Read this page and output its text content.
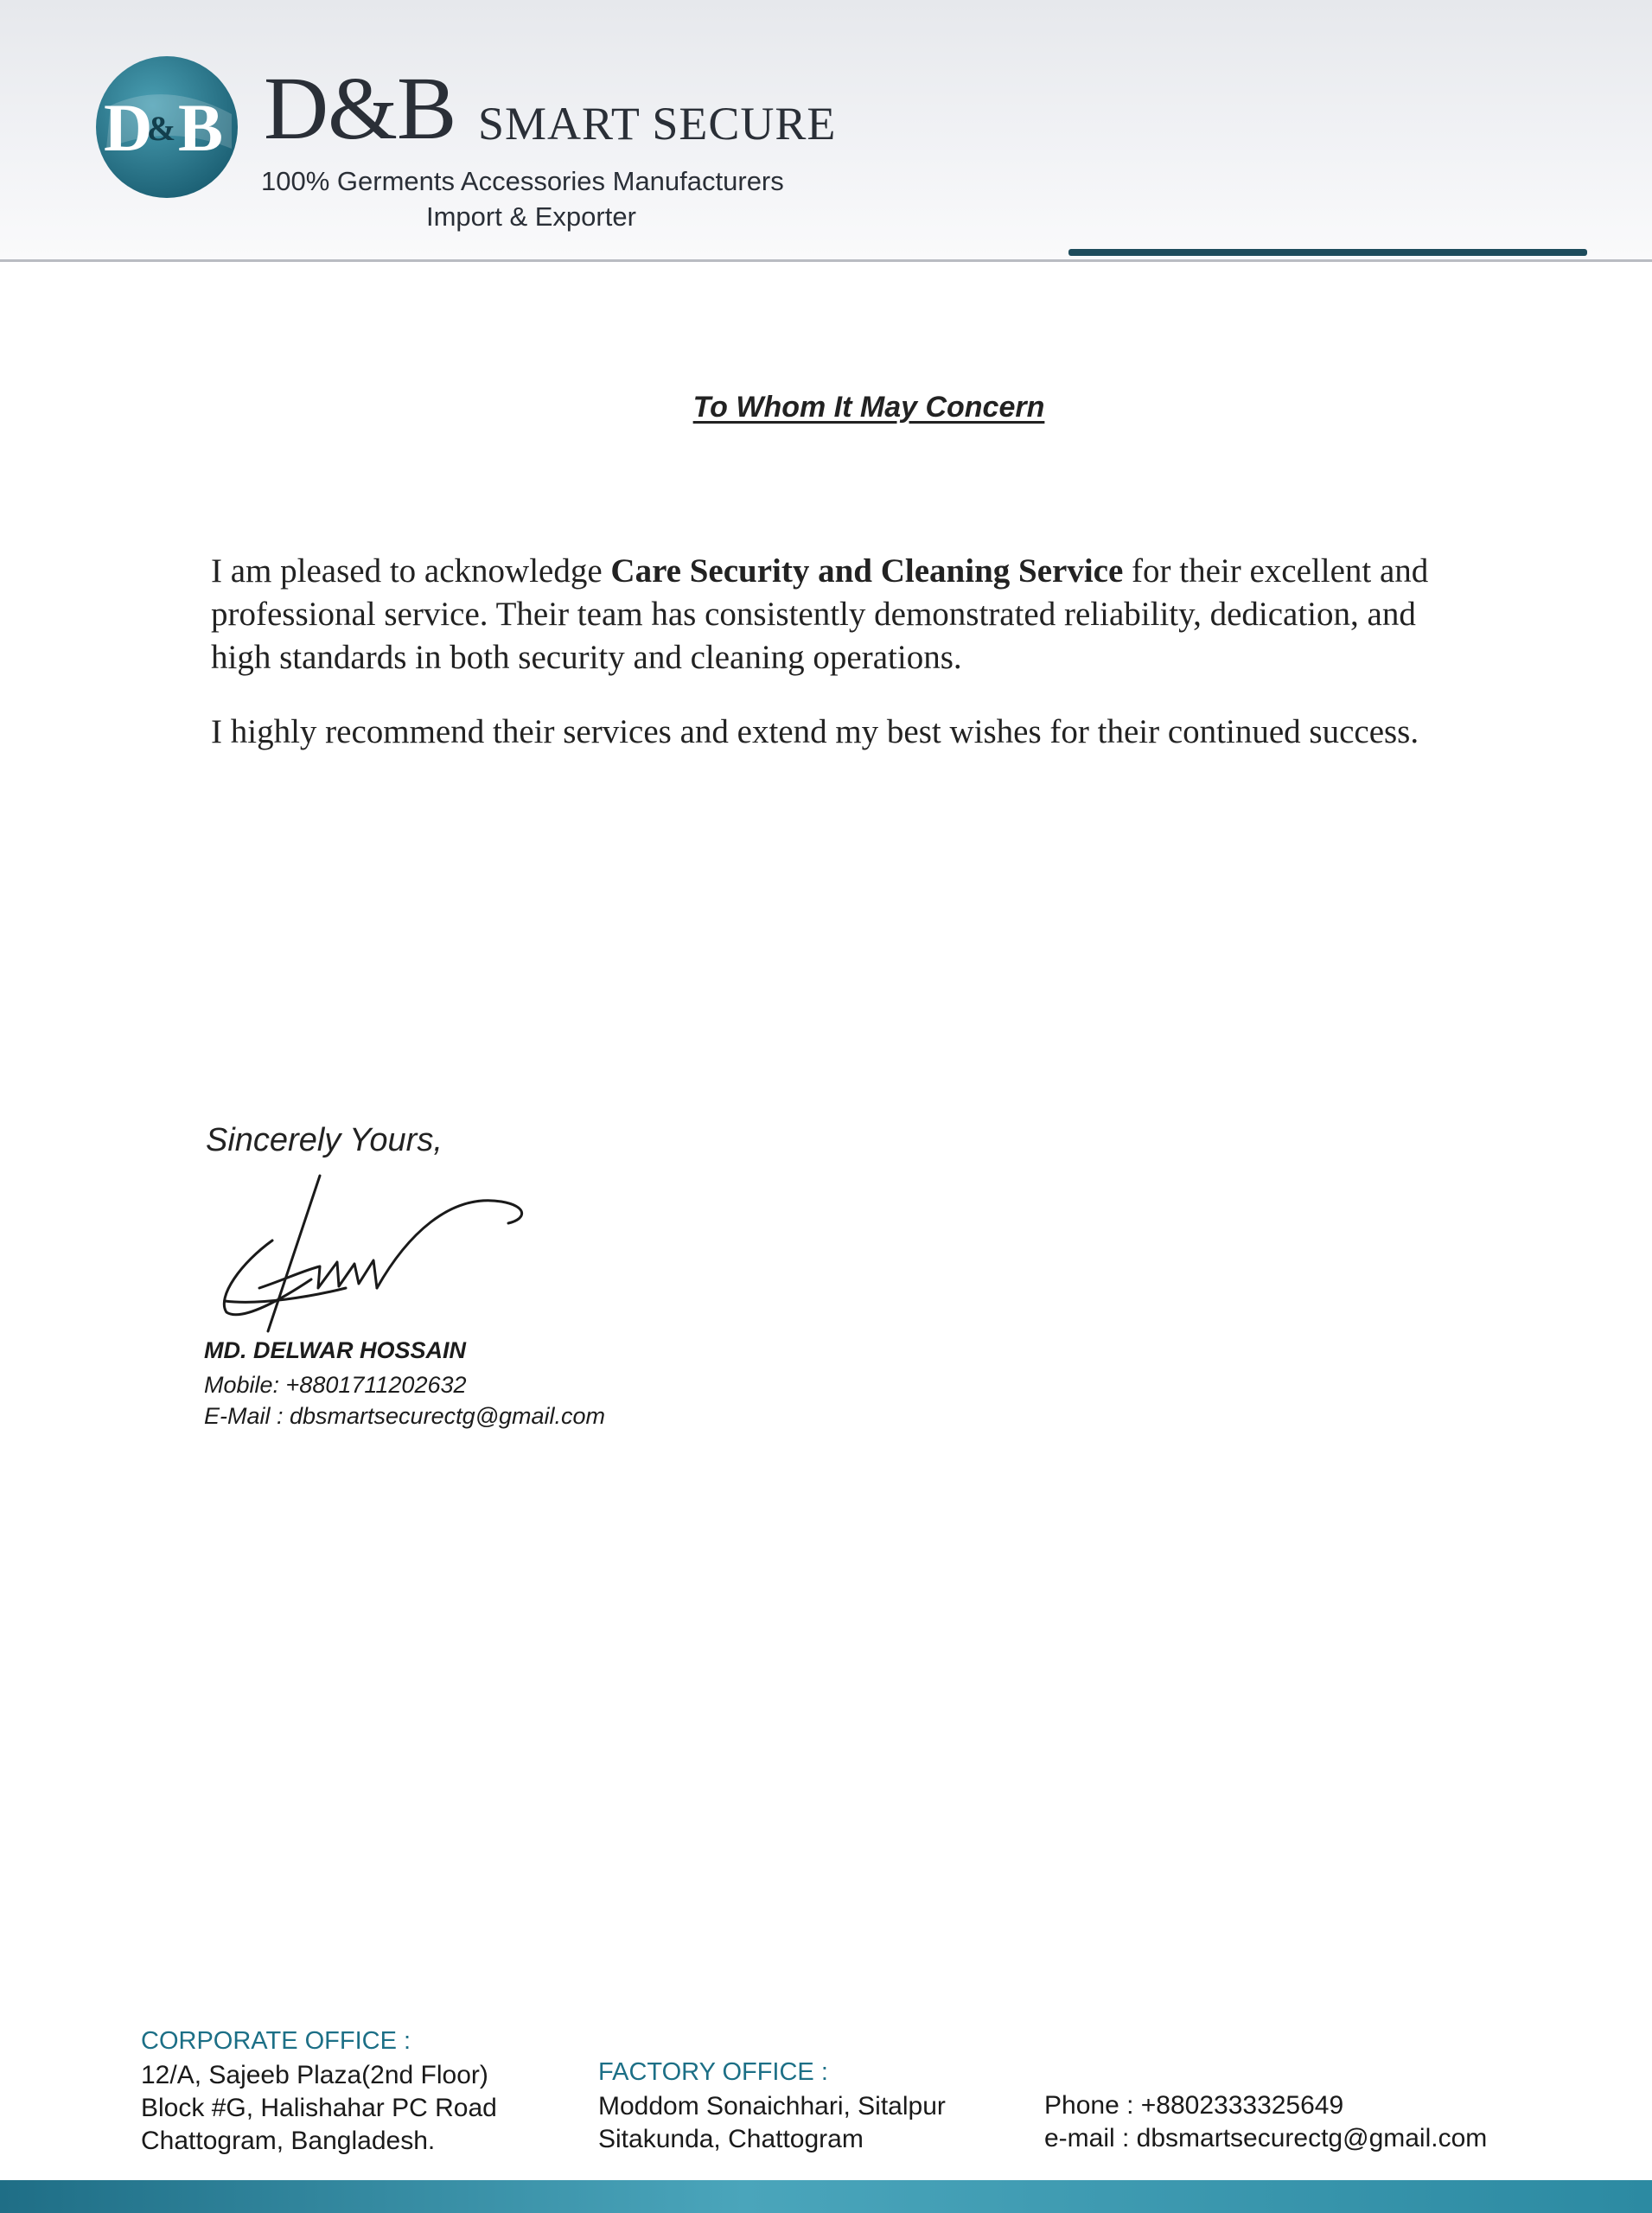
D B
& D&B SMART SECURE
100% Germents Accessories Manufacturers
Import & Exporter
To Whom It May Concern

I am pleased to acknowledge Care Security and Cleaning Service for their excellent and professional service. Their team has consistently demonstrated reliability, dedication, and high standards in both security and cleaning operations.

I highly recommend their services and extend my best wishes for their continued success.

Sincerely Yours,
MD. DELWAR HOSSAIN
Mobile: +8801711202632
E-Mail : dbsmartsecurectg@gmail.com
CORPORATE OFFICE :
12/A, Sajeeb Plaza(2nd Floor)
Block #G, Halishahar PC Road
Chattogram, Bangladesh.
FACTORY OFFICE :
Moddom Sonaichhari, Sitalpur
Sitakunda, Chattogram
Phone : +8802333325649
e-mail : dbsmartsecurectg@gmail.com
